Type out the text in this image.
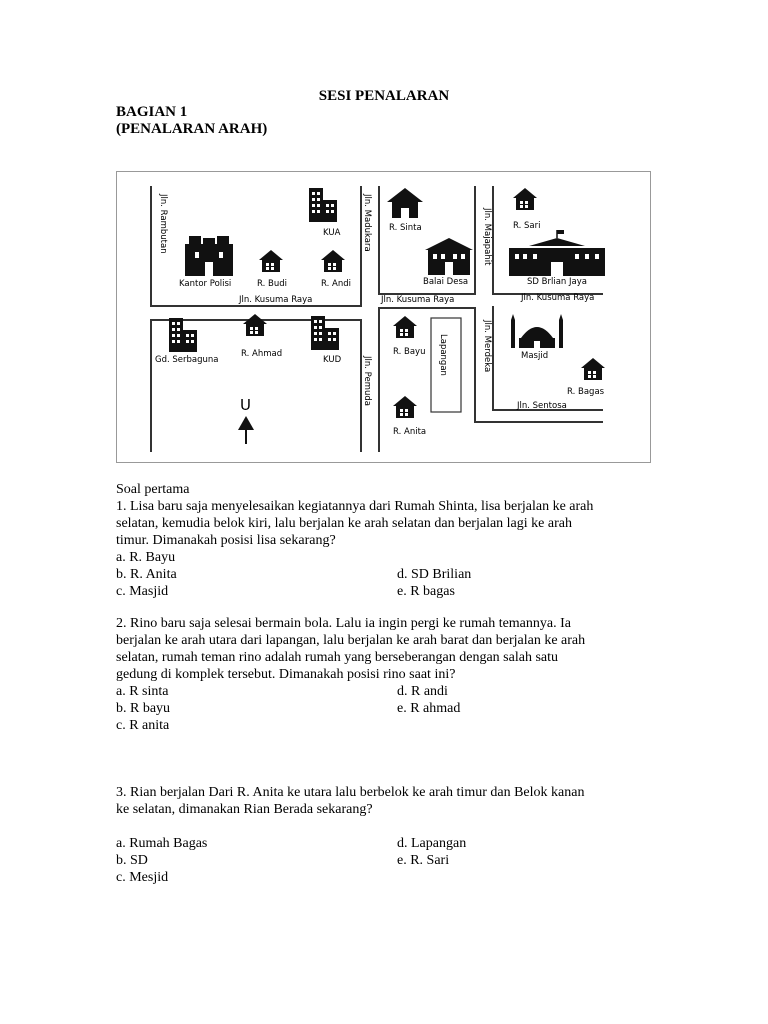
SESI PENALARAN
BAGIAN 1
(PENALARAN ARAH)
U
Kantor Polisi	R. Budi
KUA
R. Andi
Jln. Rambutan
Jln. Kusuma Raya
Jln. Madukara R. Sinta
Balai Desa
Jln. Kusuma Raya
Jln. Majapahit R. Sari
SD Brlian Jaya
Jln. Kusuma Raya
Gd. Serbaguna
R. Ahmad
KUD Jln. Pemuda
R. Bayu Lapangan
R. Anita
Jln. Merdeka	Masjid
R. Bagas
Jln. Sentosa
Soal pertama
1. Lisa baru saja menyelesaikan kegiatannya dari Rumah Shinta, lisa berjalan ke arah
selatan, kemudia belok kiri, lalu berjalan ke arah selatan dan berjalan lagi ke arah
timur. Dimanakah posisi lisa sekarang?
a. R. Bayu
b. R. Anita
c. Masjid
d. SD Brilian
e. R bagas
2. Rino baru saja selesai bermain bola. Lalu ia ingin pergi ke rumah temannya. Ia
berjalan ke arah utara dari lapangan, lalu berjalan ke arah barat dan berjalan ke arah
selatan, rumah teman rino adalah rumah yang berseberangan dengan salah satu
gedung di komplek tersebut. Dimanakah posisi rino saat ini?
a. R sinta
b. R bayu
c. R anita
d. R andi
e. R ahmad
3. Rian berjalan Dari R. Anita ke utara lalu berbelok ke arah timur dan Belok kanan
ke selatan, dimanakan Rian Berada sekarang?
a. Rumah Bagas
b. SD
c. Mesjid
d. Lapangan
e. R. Sari
